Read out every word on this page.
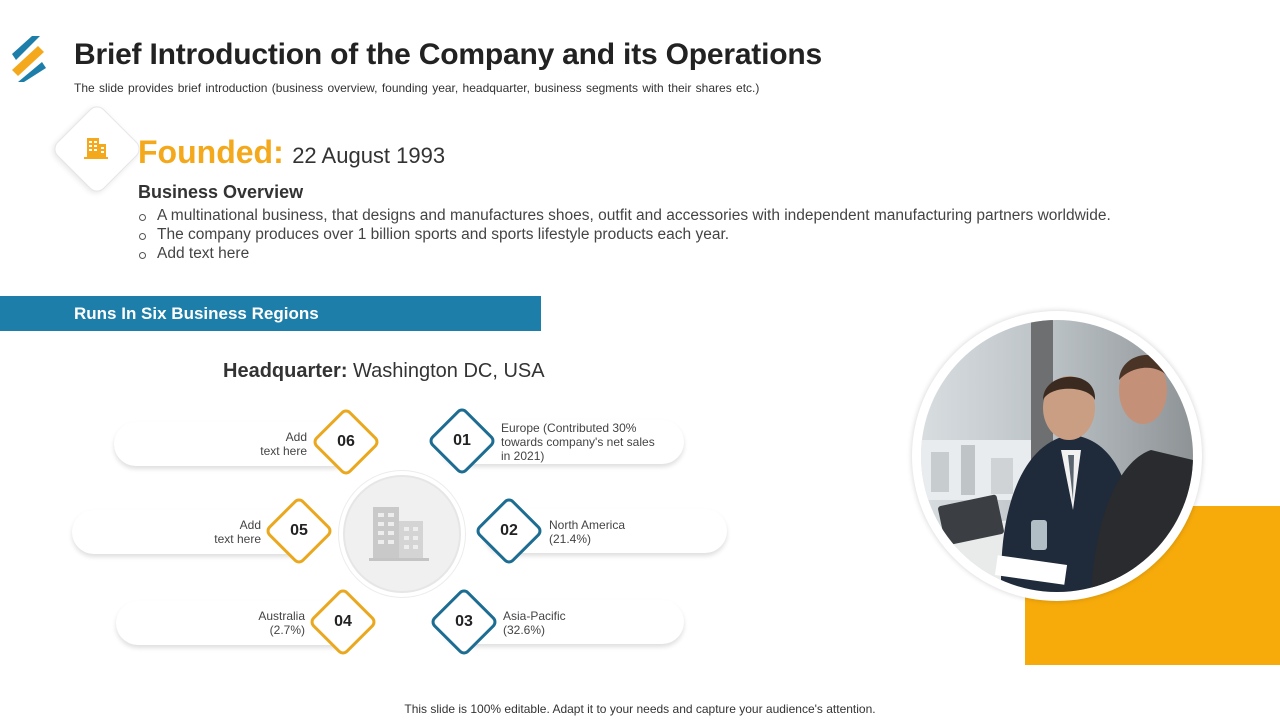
Brief Introduction of the Company and its Operations
The slide provides brief introduction (business overview, founding year, headquarter, business segments with their shares etc.)
Founded: 22 August 1993
Business Overview
A multinational business, that designs and manufactures shoes, outfit and accessories with independent manufacturing partners worldwide.
The company produces over 1 billion sports and sports lifestyle products each year.
Add text here
Runs In Six Business Regions
Headquarter: Washington DC, USA
Europe (Contributed 30%
towards company's net sales
in 2021)
North America
(21.4%)
Asia-Pacific
(32.6%)
Australia
(2.7%)
Add
text here
Add
text here
06	01
05	02
04	03
This slide is 100% editable. Adapt it to your needs and capture your audience's attention.
